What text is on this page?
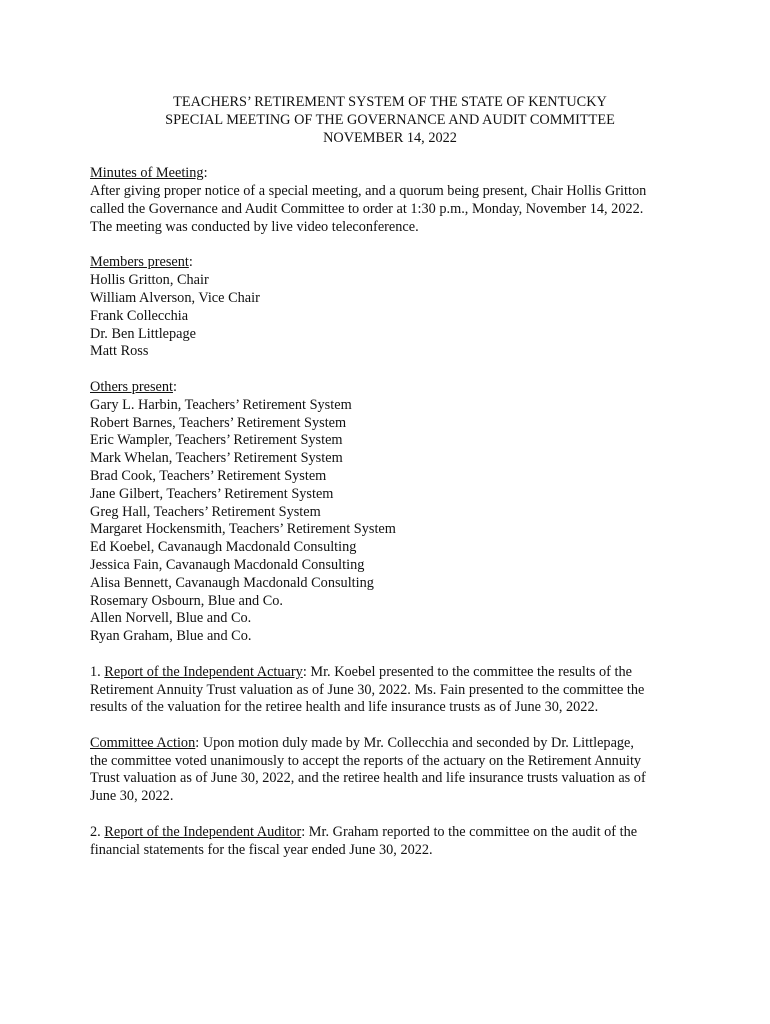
TEACHERS’ RETIREMENT SYSTEM OF THE STATE OF KENTUCKY
SPECIAL MEETING OF THE GOVERNANCE AND AUDIT COMMITTEE
NOVEMBER 14, 2022
Minutes of Meeting:
After giving proper notice of a special meeting, and a quorum being present, Chair Hollis Gritton
called the Governance and Audit Committee to order at 1:30 p.m., Monday, November 14, 2022.
The meeting was conducted by live video teleconference.
Members present:
Hollis Gritton, Chair
William Alverson, Vice Chair
Frank Collecchia
Dr. Ben Littlepage
Matt Ross
Others present:
Gary L. Harbin, Teachers’ Retirement System
Robert Barnes, Teachers’ Retirement System
Eric Wampler, Teachers’ Retirement System
Mark Whelan, Teachers’ Retirement System
Brad Cook, Teachers’ Retirement System
Jane Gilbert, Teachers’ Retirement System
Greg Hall, Teachers’ Retirement System
Margaret Hockensmith, Teachers’ Retirement System
Ed Koebel, Cavanaugh Macdonald Consulting
Jessica Fain, Cavanaugh Macdonald Consulting
Alisa Bennett, Cavanaugh Macdonald Consulting
Rosemary Osbourn, Blue and Co.
Allen Norvell, Blue and Co.
Ryan Graham, Blue and Co.
1. Report of the Independent Actuary: Mr. Koebel presented to the committee the results of the
Retirement Annuity Trust valuation as of June 30, 2022. Ms. Fain presented to the committee the
results of the valuation for the retiree health and life insurance trusts as of June 30, 2022.
Committee Action: Upon motion duly made by Mr. Collecchia and seconded by Dr. Littlepage,
the committee voted unanimously to accept the reports of the actuary on the Retirement Annuity
Trust valuation as of June 30, 2022, and the retiree health and life insurance trusts valuation as of
June 30, 2022.
2. Report of the Independent Auditor: Mr. Graham reported to the committee on the audit of the
financial statements for the fiscal year ended June 30, 2022.
